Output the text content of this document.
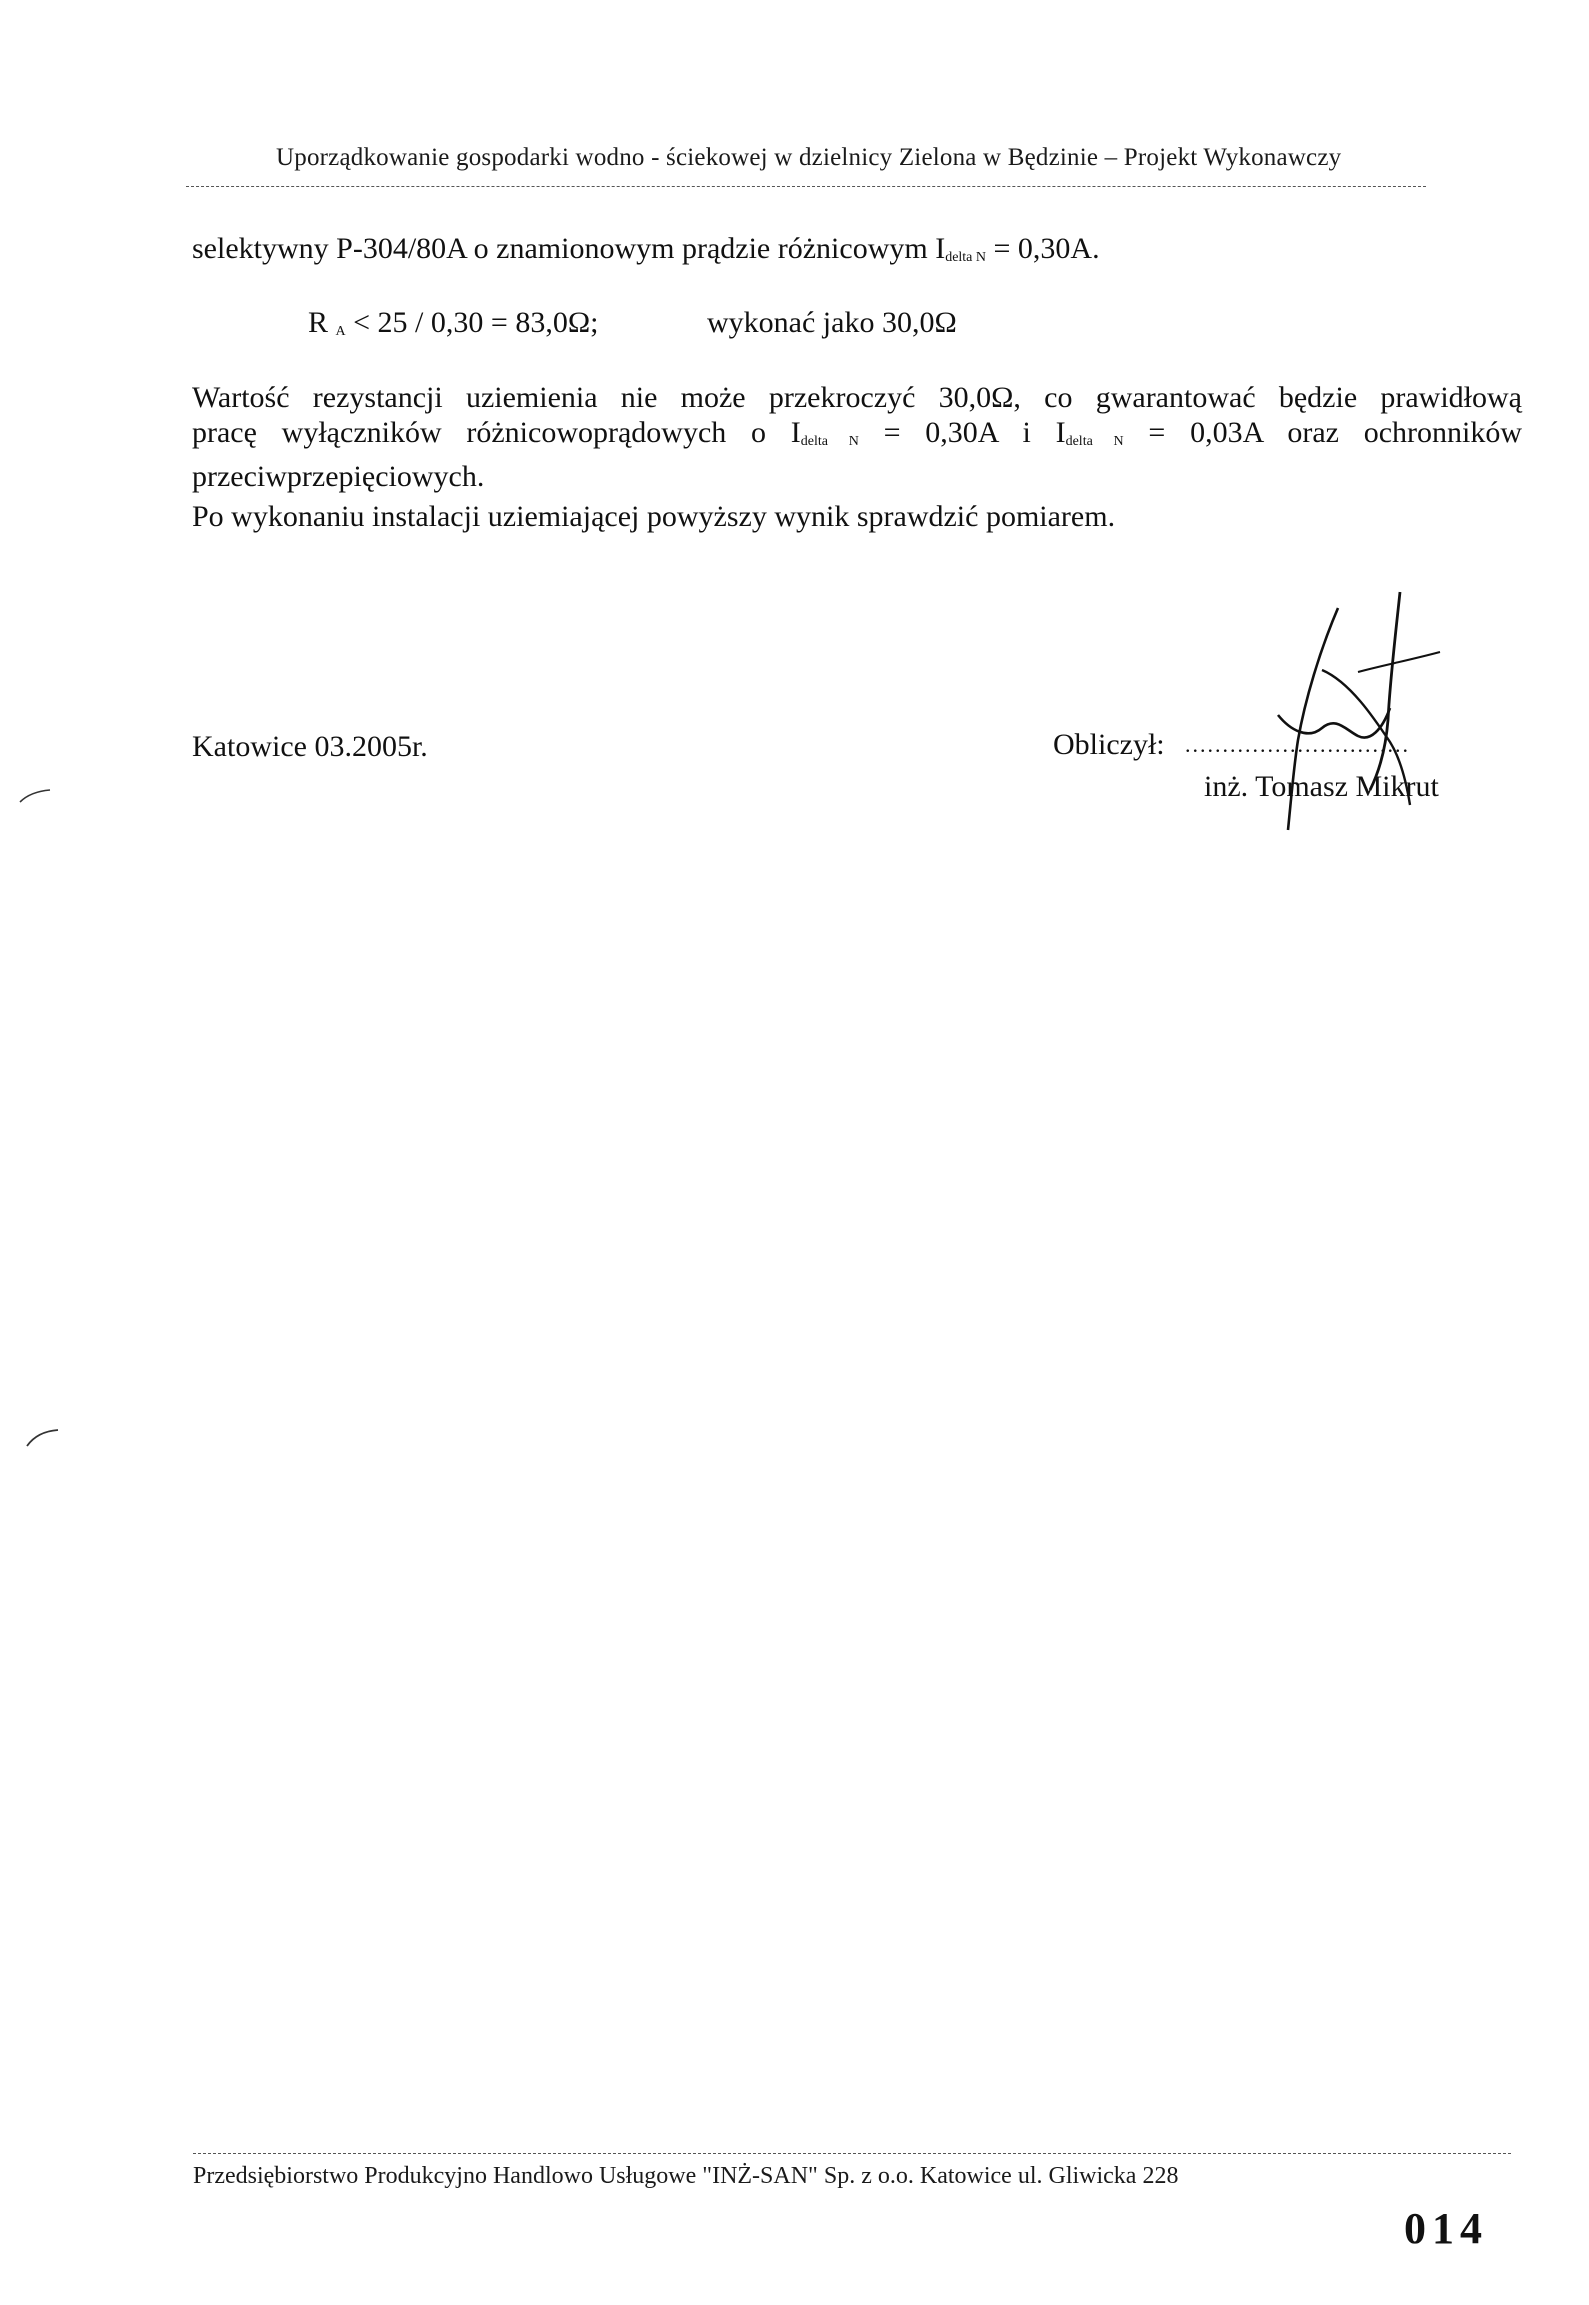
Uporządkowanie gospodarki wodno - ściekowej w dzielnicy Zielona w Będzinie – Projekt Wykonawczy
selektywny P-304/80A o znamionowym prądzie różnicowym $I_{delta N} = 0,30A$.
R $_A$ < 25 / 0,30 = 83,0Ω;	wykonać jako 30,0Ω
Wartość rezystancji uziemienia nie może przekroczyć 30,0Ω, co gwarantować będzie prawidłową
pracę wyłączników różnicowoprądowych o $I_{delta N} = 0,30A$ i $I_{delta N} = 0,03A$ oraz ochronników
przeciwprzepięciowych.
Po wykonaniu instalacji uziemiającej powyższy wynik sprawdzić pomiarem.
Katowice 03.2005r.	Obliczył: ..............................
inż. Tomasz Mikrut
Przedsiębiorstwo Produkcyjno Handlowo Usługowe "INŻ-SAN" Sp. z o.o. Katowice ul. Gliwicka 228
014
